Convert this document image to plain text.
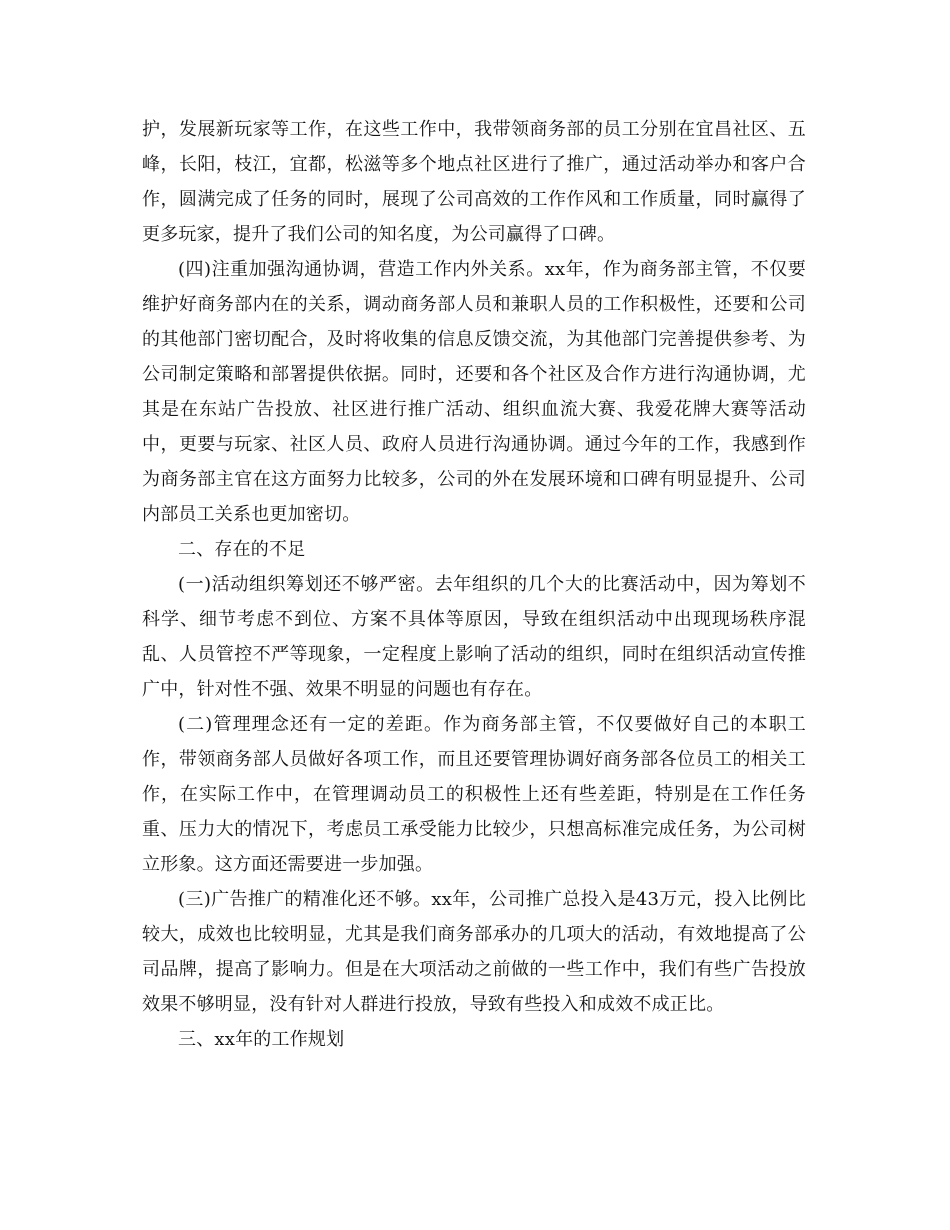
护，发展新玩家等工作，在这些工作中，我带领商务部的员工分别在宜昌社区、五峰，长阳，枝江，宜都，松滋等多个地点社区进行了推广，通过活动举办和客户合作，圆满完成了任务的同时，展现了公司高效的工作作风和工作质量，同时赢得了更多玩家，提升了我们公司的知名度，为公司赢得了口碑。

(四)注重加强沟通协调，营造工作内外关系。xx年，作为商务部主管，不仅要维护好商务部内在的关系，调动商务部人员和兼职人员的工作积极性，还要和公司的其他部门密切配合，及时将收集的信息反馈交流，为其他部门完善提供参考、为公司制定策略和部署提供依据。同时，还要和各个社区及合作方进行沟通协调，尤其是在东站广告投放、社区进行推广活动、组织血流大赛、我爱花牌大赛等活动中，更要与玩家、社区人员、政府人员进行沟通协调。通过今年的工作，我感到作为商务部主官在这方面努力比较多，公司的外在发展环境和口碑有明显提升、公司内部员工关系也更加密切。

二、存在的不足

(一)活动组织筹划还不够严密。去年组织的几个大的比赛活动中，因为筹划不科学、细节考虑不到位、方案不具体等原因，导致在组织活动中出现现场秩序混乱、人员管控不严等现象，一定程度上影响了活动的组织，同时在组织活动宣传推广中，针对性不强、效果不明显的问题也有存在。

(二)管理理念还有一定的差距。作为商务部主管，不仅要做好自己的本职工作，带领商务部人员做好各项工作，而且还要管理协调好商务部各位员工的相关工作，在实际工作中，在管理调动员工的积极性上还有些差距，特别是在工作任务重、压力大的情况下，考虑员工承受能力比较少，只想高标准完成任务，为公司树立形象。这方面还需要进一步加强。

(三)广告推广的精准化还不够。xx年，公司推广总投入是43万元，投入比例比较大，成效也比较明显，尤其是我们商务部承办的几项大的活动，有效地提高了公司品牌，提高了影响力。但是在大项活动之前做的一些工作中，我们有些广告投放效果不够明显，没有针对人群进行投放，导致有些投入和成效不成正比。

三、xx年的工作规划
